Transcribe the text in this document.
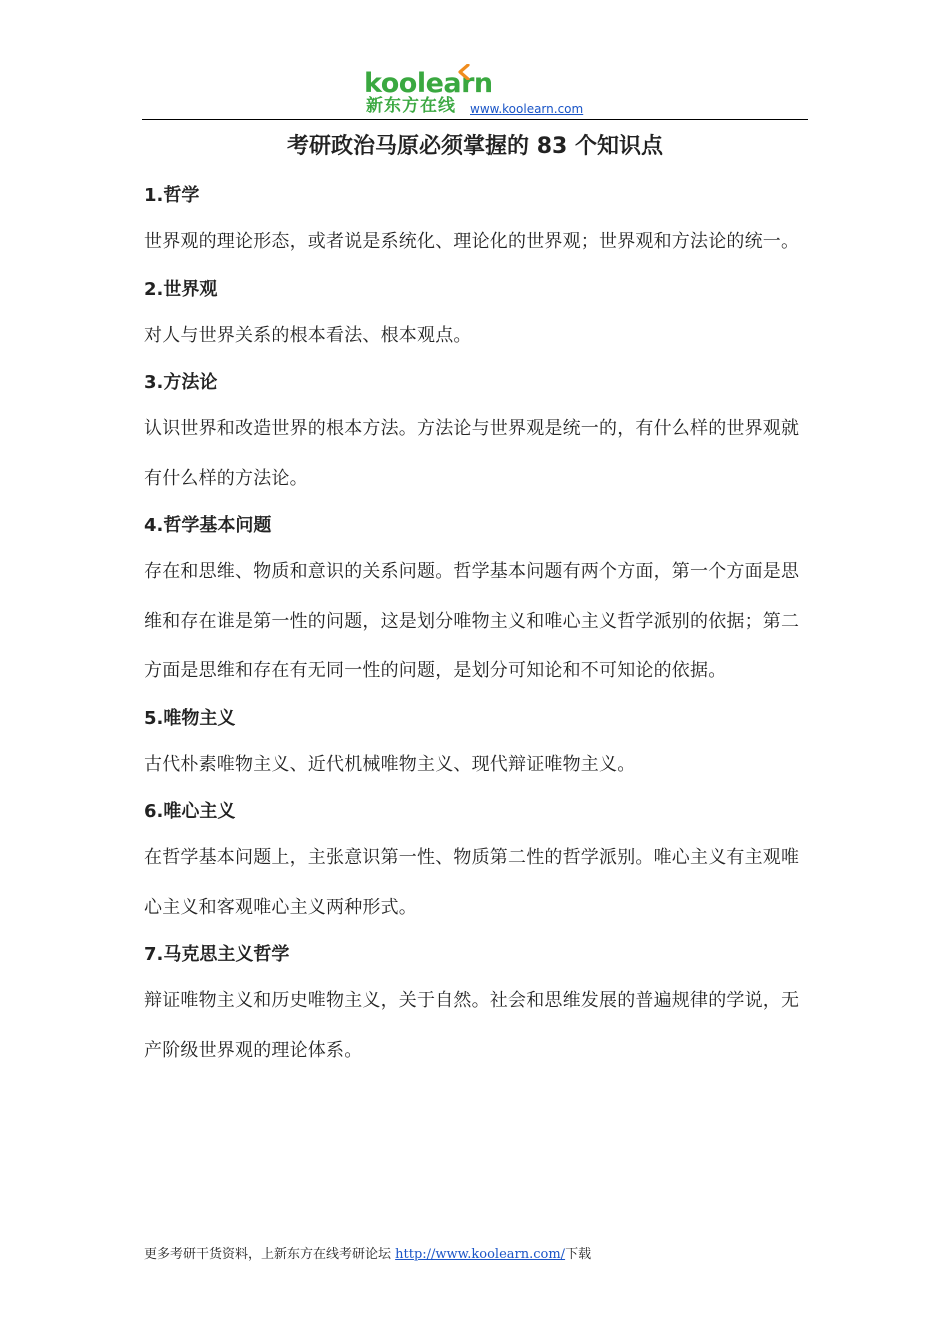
koolearn
新东方在线 www.koolearn.com
考研政治马原必须掌握的 83 个知识点
1.哲学
世界观的理论形态，或者说是系统化、理论化的世界观；世界观和方法论的统一。
2.世界观
对人与世界关系的根本看法、根本观点。
3.方法论
认识世界和改造世界的根本方法。方法论与世界观是统一的，有什么样的世界观就有什么样的方法论。
4.哲学基本问题
存在和思维、物质和意识的关系问题。哲学基本问题有两个方面，第一个方面是思维和存在谁是第一性的问题，这是划分唯物主义和唯心主义哲学派别的依据；第二方面是思维和存在有无同一性的问题，是划分可知论和不可知论的依据。
5.唯物主义
古代朴素唯物主义、近代机械唯物主义、现代辩证唯物主义。
6.唯心主义
在哲学基本问题上，主张意识第一性、物质第二性的哲学派别。唯心主义有主观唯心主义和客观唯心主义两种形式。
7.马克思主义哲学
辩证唯物主义和历史唯物主义，关于自然。社会和思维发展的普遍规律的学说，无产阶级世界观的理论体系。
更多考研干货资料，上新东方在线考研论坛 http://www.koolearn.com/下载
